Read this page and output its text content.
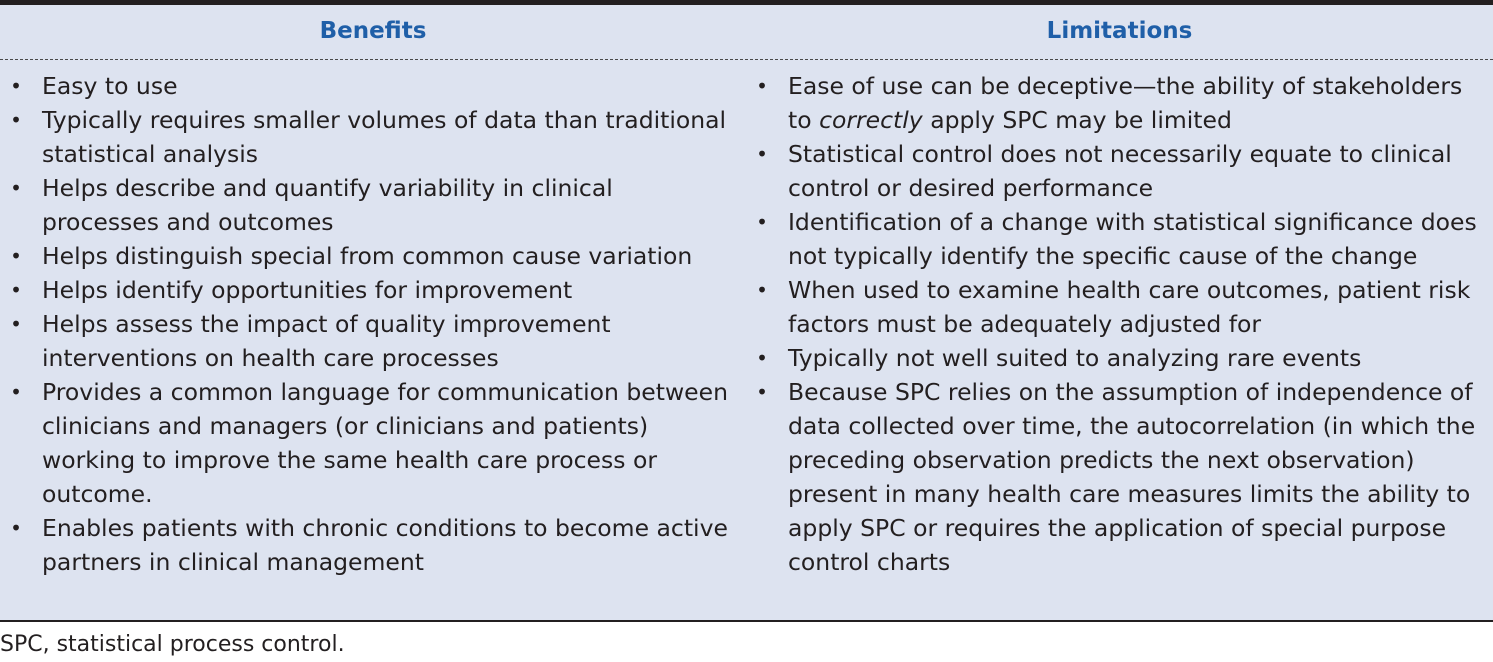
Benefits	Limitations
• Easy to use
• Typically requires smaller volumes of data than traditional statistical analysis
• Helps describe and quantify variability in clinical processes and outcomes
• Helps distinguish special from common cause variation
• Helps identify opportunities for improvement
• Helps assess the impact of quality improvement interventions on health care processes
• Provides a common language for communication between clinicians and managers (or clinicians and patients) working to improve the same health care process or outcome.
• Enables patients with chronic conditions to become active partners in clinical management
• Ease of use can be deceptive—the ability of stakeholders to correctly apply SPC may be limited
• Statistical control does not necessarily equate to clinical control or desired performance
• Identification of a change with statistical significance does not typically identify the specific cause of the change
• When used to examine health care outcomes, patient risk factors must be adequately adjusted for
• Typically not well suited to analyzing rare events
• Because SPC relies on the assumption of independence of data collected over time, the autocorrelation (in which the preceding observation predicts the next observation) present in many health care measures limits the ability to apply SPC or requires the application of special purpose control charts
SPC, statistical process control.
